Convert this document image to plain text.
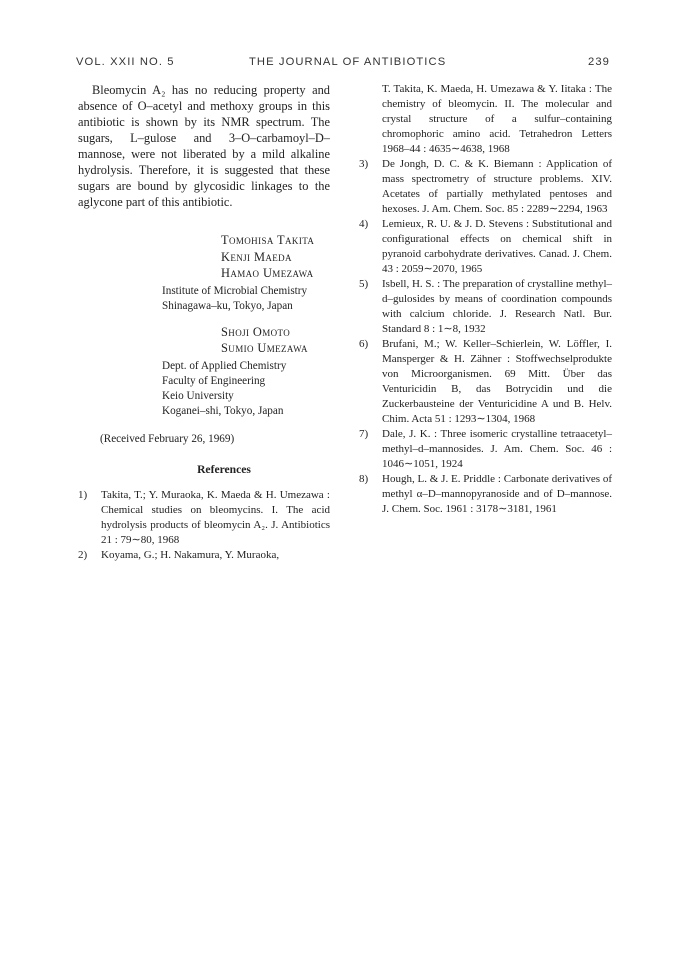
VOL. XXII NO. 5	THE JOURNAL OF ANTIBIOTICS	239

Bleomycin A₂ has no reducing property and absence of O–acetyl and methoxy groups in this antibiotic is shown by its NMR spectrum. The sugars, L–gulose and 3–O–carbamoyl–D–mannose, were not liberated by a mild alkaline hydrolysis. Therefore, it is suggested that these sugars are bound by glycosidic linkages to the aglycone part of this antibiotic.

Tomohisa Takita
Kenji Maeda
Hamao Umezawa
Institute of Microbial Chemistry
Shinagawa–ku, Tokyo, Japan
Shoji Omoto
Sumio Umezawa
Dept. of Applied Chemistry
Faculty of Engineering
Keio University
Koganei–shi, Tokyo, Japan
(Received February 26, 1969)
References
1) Takita, T.; Y. Muraoka, K. Maeda & H. Umezawa : Chemical studies on bleomycins. I. The acid hydrolysis products of bleomycin A₂. J. Antibiotics 21 : 79∼80, 1968
2) Koyama, G.; H. Nakamura, Y. Muraoka,
T. Takita, K. Maeda, H. Umezawa & Y. Iitaka : The chemistry of bleomycin. II. The molecular and crystal structure of a sulfur–containing chromophoric amino acid. Tetrahedron Letters 1968–44 : 4635∼4638, 1968
3) De Jongh, D. C. & K. Biemann : Application of mass spectrometry of structure problems. XIV. Acetates of partially methylated pentoses and hexoses. J. Am. Chem. Soc. 85 : 2289∼2294, 1963
4) Lemieux, R. U. & J. D. Stevens : Substitutional and configurational effects on chemical shift in pyranoid carbohydrate derivatives. Canad. J. Chem. 43 : 2059∼2070, 1965
5) Isbell, H. S. : The preparation of crystalline methyl–d–gulosides by means of coordination compounds with calcium chloride. J. Research Natl. Bur. Standard 8 : 1∼8, 1932
6) Brufani, M.; W. Keller–Schierlein, W. Löffler, I. Mansperger & H. Zähner : Stoffwechselprodukte von Microorganismen. 69 Mitt. Über das Venturicidin B, das Botrycidin und die Zuckerbausteine der Venturicidine A und B. Helv. Chim. Acta 51 : 1293∼1304, 1968
7) Dale, J. K. : Three isomeric crystalline tetraacetyl–methyl–d–mannosides. J. Am. Chem. Soc. 46 : 1046∼1051, 1924
8) Hough, L. & J. E. Priddle : Carbonate derivatives of methyl α–D–mannopyranoside and of D–mannose. J. Chem. Soc. 1961 : 3178∼3181, 1961
